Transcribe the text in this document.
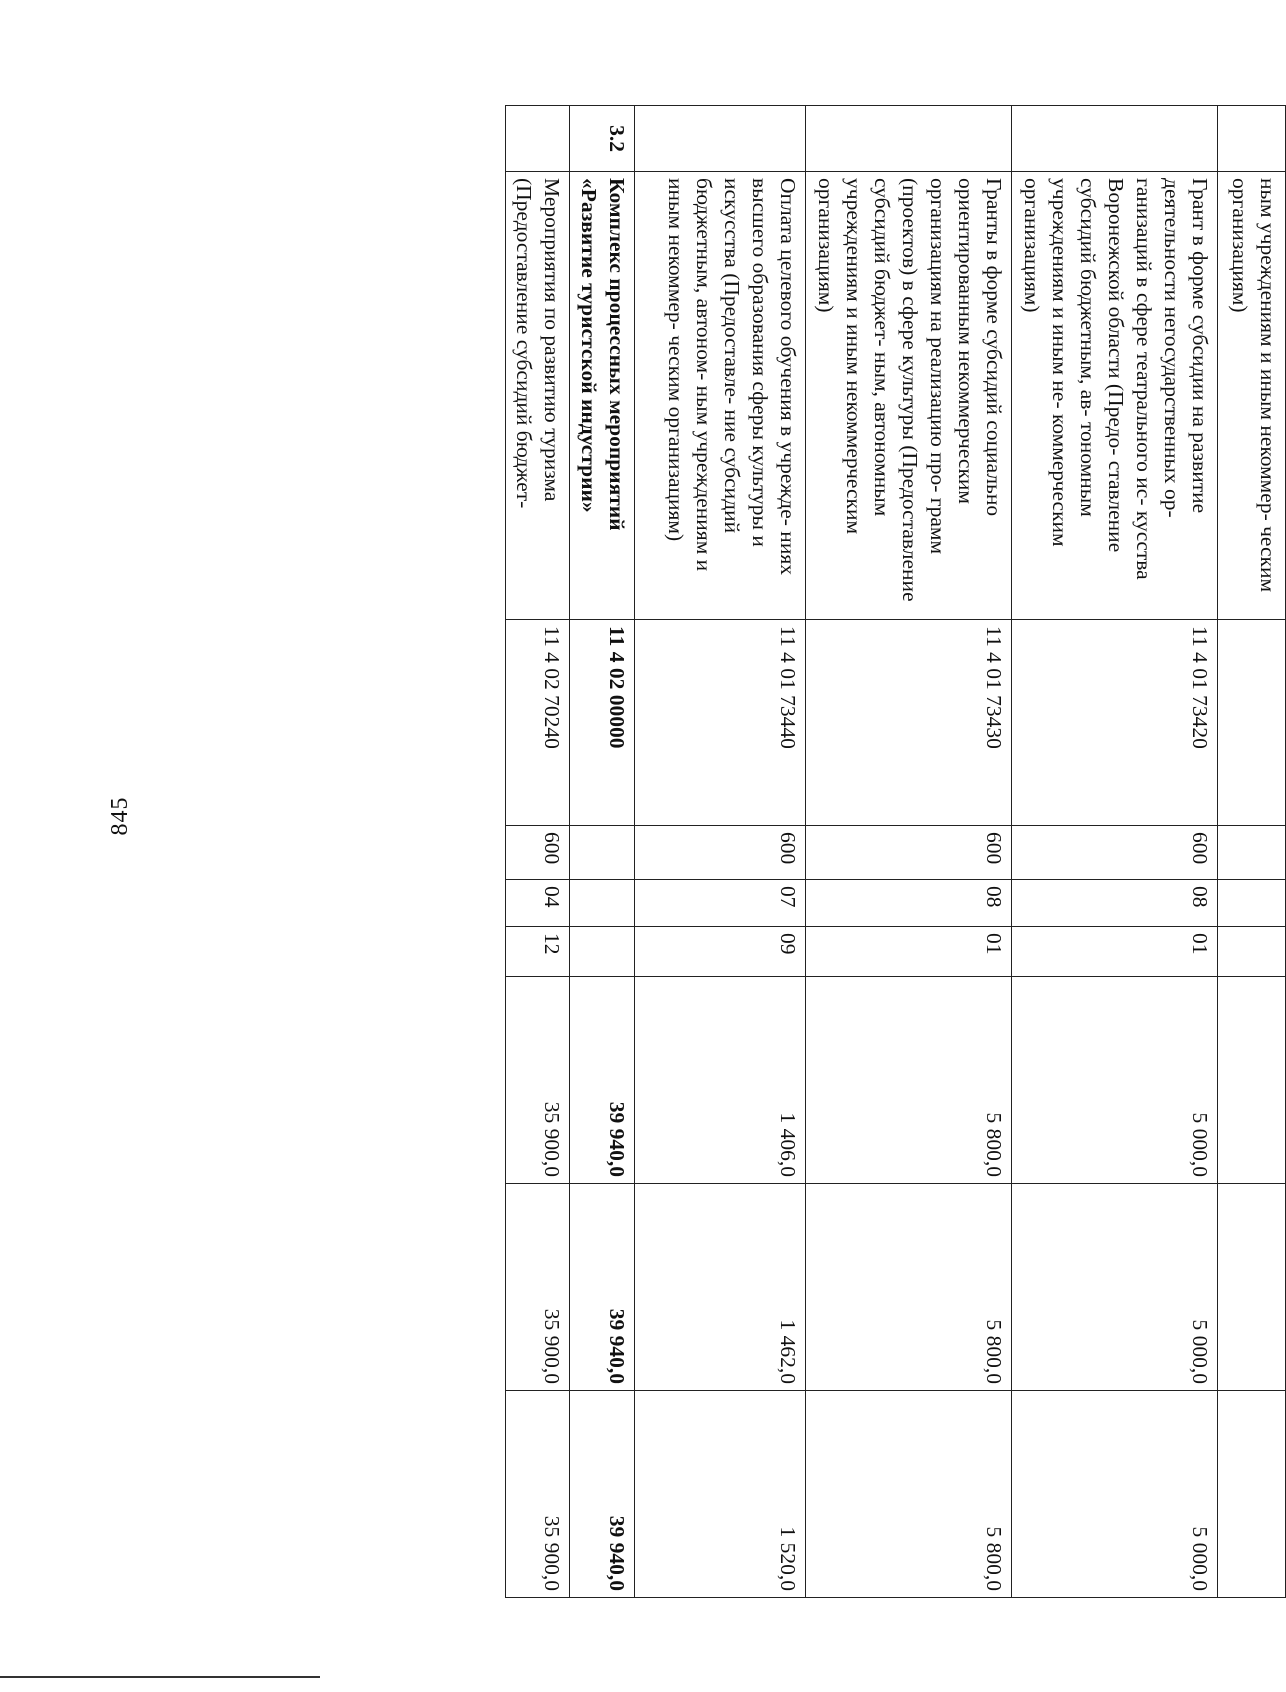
845
	ным учреждениям и иным некоммер- ческим организациям)							
	Грант в форме субсидии на развитие деятельности негосударственных ор- ганизаций в сфере театрального ис- кусства Воронежской области (Предо- ставление субсидий бюджетным, ав- тономным учреждениям и иным не- коммерческим организациям)	11 4 01 73420	600	08	01	5 000,0	5 000,0	5 000,0
	Гранты в форме субсидий социально ориентированным некоммерческим организациям на реализацию про- грамм (проектов) в сфере культуры (Предоставление субсидий бюджет- ным, автономным учреждениям и иным некоммерческим организациям)	11 4 01 73430	600	08	01	5 800,0	5 800,0	5 800,0
	Оплата целевого обучения в учрежде- ниях высшего образования сферы культуры и искусства (Предоставле- ние субсидий бюджетным, автоном- ным учреждениям и иным некоммер- ческим организациям)	11 4 01 73440	600	07	09	1 406,0	1 462,0	1 520,0
3.2	Комплекс процессных мероприятий «Развитие туристской индустрии»	11 4 02 00000				39 940,0	39 940,0	39 940,0
	Мероприятия по развитию туризма (Предоставление субсидий бюджет-	11 4 02 70240	600	04	12	35 900,0	35 900,0	35 900,0
